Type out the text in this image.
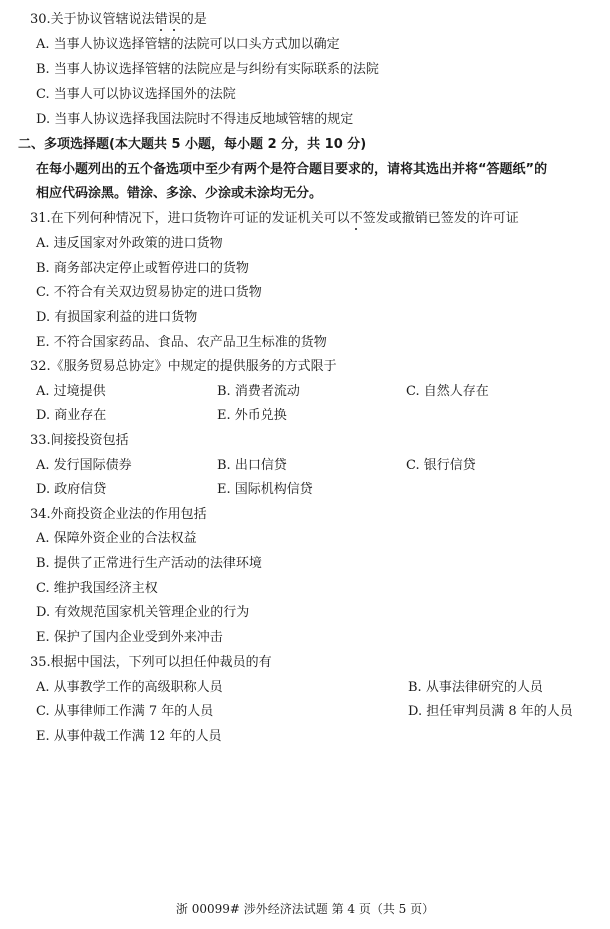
30.关于协议管辖说法错误的是
A. 当事人协议选择管辖的法院可以口头方式加以确定
B. 当事人协议选择管辖的法院应是与纠纷有实际联系的法院
C. 当事人可以协议选择国外的法院
D. 当事人协议选择我国法院时不得违反地域管辖的规定
二、多项选择题(本大题共 5 小题，每小题 2 分，共 10 分)
在每小题列出的五个备选项中至少有两个是符合题目要求的，请将其选出并将“答题纸”的
相应代码涂黑。错涂、多涂、少涂或未涂均无分。
31.在下列何种情况下，进口货物许可证的发证机关可以不签发或撤销已签发的许可证
A. 违反国家对外政策的进口货物
B. 商务部决定停止或暂停进口的货物
C. 不符合有关双边贸易协定的进口货物
D. 有损国家利益的进口货物
E. 不符合国家药品、食品、农产品卫生标准的货物
32.《服务贸易总协定》中规定的提供服务的方式限于
A. 过境提供	B. 消费者流动	C. 自然人存在
D. 商业存在	E. 外币兑换
33.间接投资包括
A. 发行国际债券	B. 出口信贷	C. 银行信贷
D. 政府信贷	E. 国际机构信贷
34.外商投资企业法的作用包括
A. 保障外资企业的合法权益
B. 提供了正常进行生产活动的法律环境
C. 维护我国经济主权
D. 有效规范国家机关管理企业的行为
E. 保护了国内企业受到外来冲击
35.根据中国法，下列可以担任仲裁员的有
A. 从事教学工作的高级职称人员	B. 从事法律研究的人员
C. 从事律师工作满 7 年的人员	D. 担任审判员满 8 年的人员
E. 从事仲裁工作满 12 年的人员
浙 00099# 涉外经济法试题 第 4 页（共 5 页）
